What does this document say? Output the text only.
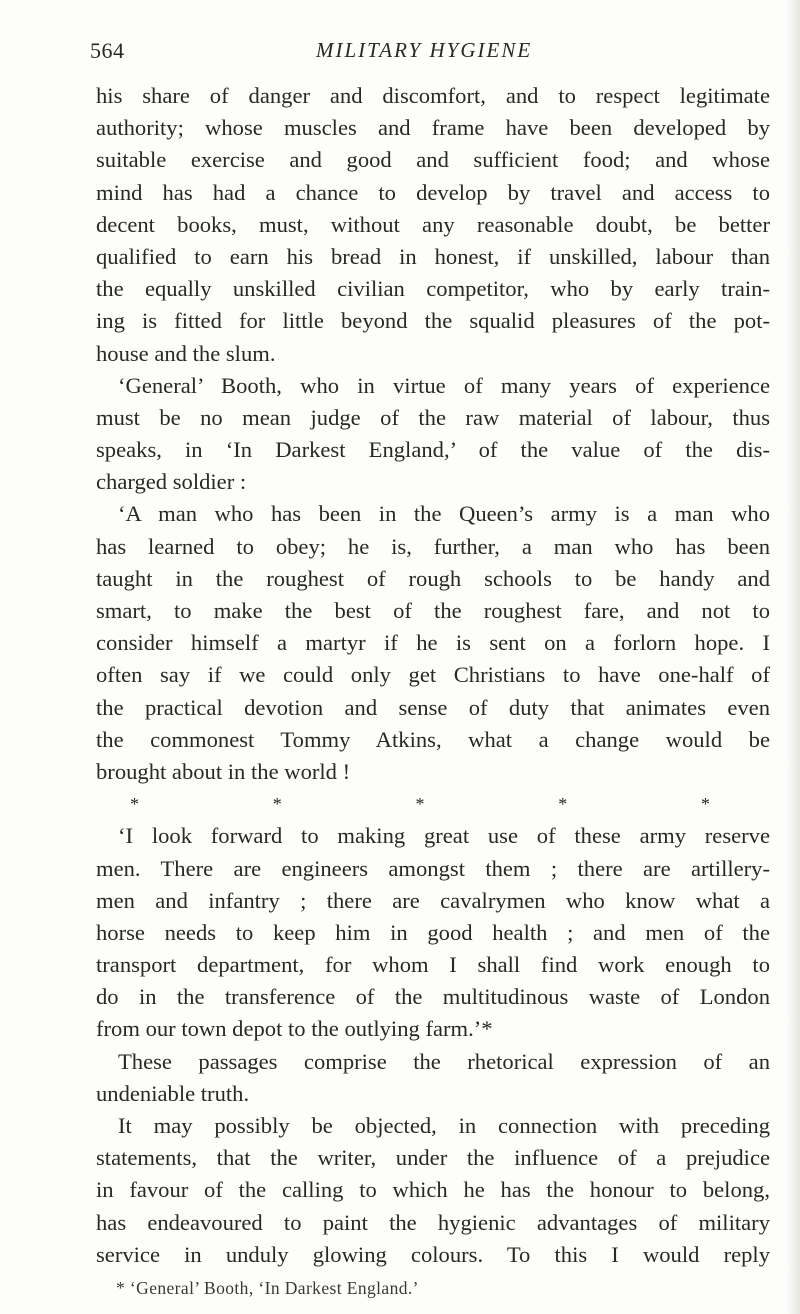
564	MILITARY HYGIENE
his share of danger and discomfort, and to respect legitimate
authority; whose muscles and frame have been developed by
suitable exercise and good and sufficient food; and whose
mind has had a chance to develop by travel and access to
decent books, must, without any reasonable doubt, be better
qualified to earn his bread in honest, if unskilled, labour than
the equally unskilled civilian competitor, who by early train-
ing is fitted for little beyond the squalid pleasures of the pot-
house and the slum.
‘General’ Booth, who in virtue of many years of experience
must be no mean judge of the raw material of labour, thus
speaks, in ‘In Darkest England,’ of the value of the dis-
charged soldier :
‘A man who has been in the Queen’s army is a man who
has learned to obey; he is, further, a man who has been
taught in the roughest of rough schools to be handy and
smart, to make the best of the roughest fare, and not to
consider himself a martyr if he is sent on a forlorn hope. I
often say if we could only get Christians to have one-half of
the practical devotion and sense of duty that animates even
the commonest Tommy Atkins, what a change would be
brought about in the world !
*	*	*	*	*
‘I look forward to making great use of these army reserve
men. There are engineers amongst them ; there are artillery-
men and infantry ; there are cavalrymen who know what a
horse needs to keep him in good health ; and men of the
transport department, for whom I shall find work enough to
do in the transference of the multitudinous waste of London
from our town depot to the outlying farm.’*
These passages comprise the rhetorical expression of an
undeniable truth.
It may possibly be objected, in connection with preceding
statements, that the writer, under the influence of a prejudice
in favour of the calling to which he has the honour to belong,
has endeavoured to paint the hygienic advantages of military
service in unduly glowing colours. To this I would reply
* ‘General’ Booth, ‘In Darkest England.’
